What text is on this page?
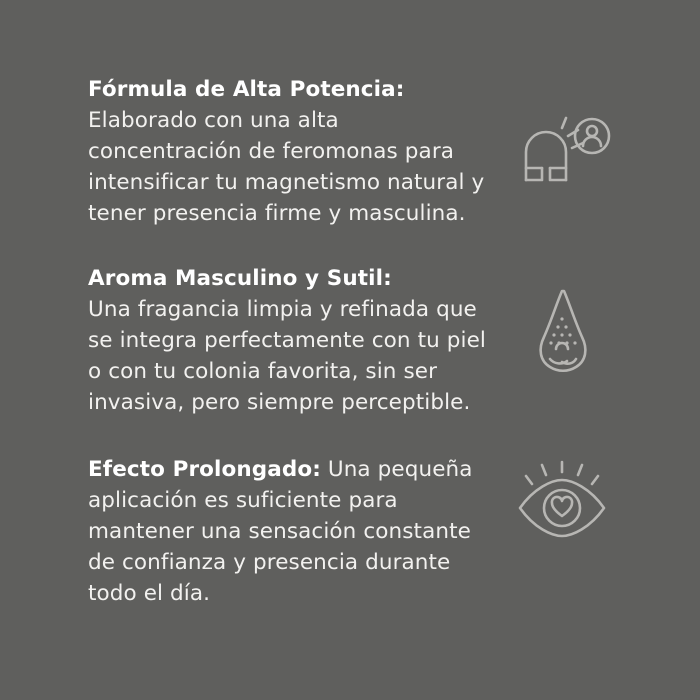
Fórmula de Alta Potencia:
Elaborado con una alta concentración de feromonas para intensificar tu magnetismo natural y tener presencia firme y masculina.
Aroma Masculino y Sutil:
Una fragancia limpia y refinada que se integra perfectamente con tu piel o con tu colonia favorita, sin ser invasiva, pero siempre perceptible.
Efecto Prolongado: Una pequeña aplicación es suficiente para mantener una sensación constante de confianza y presencia durante todo el día.
